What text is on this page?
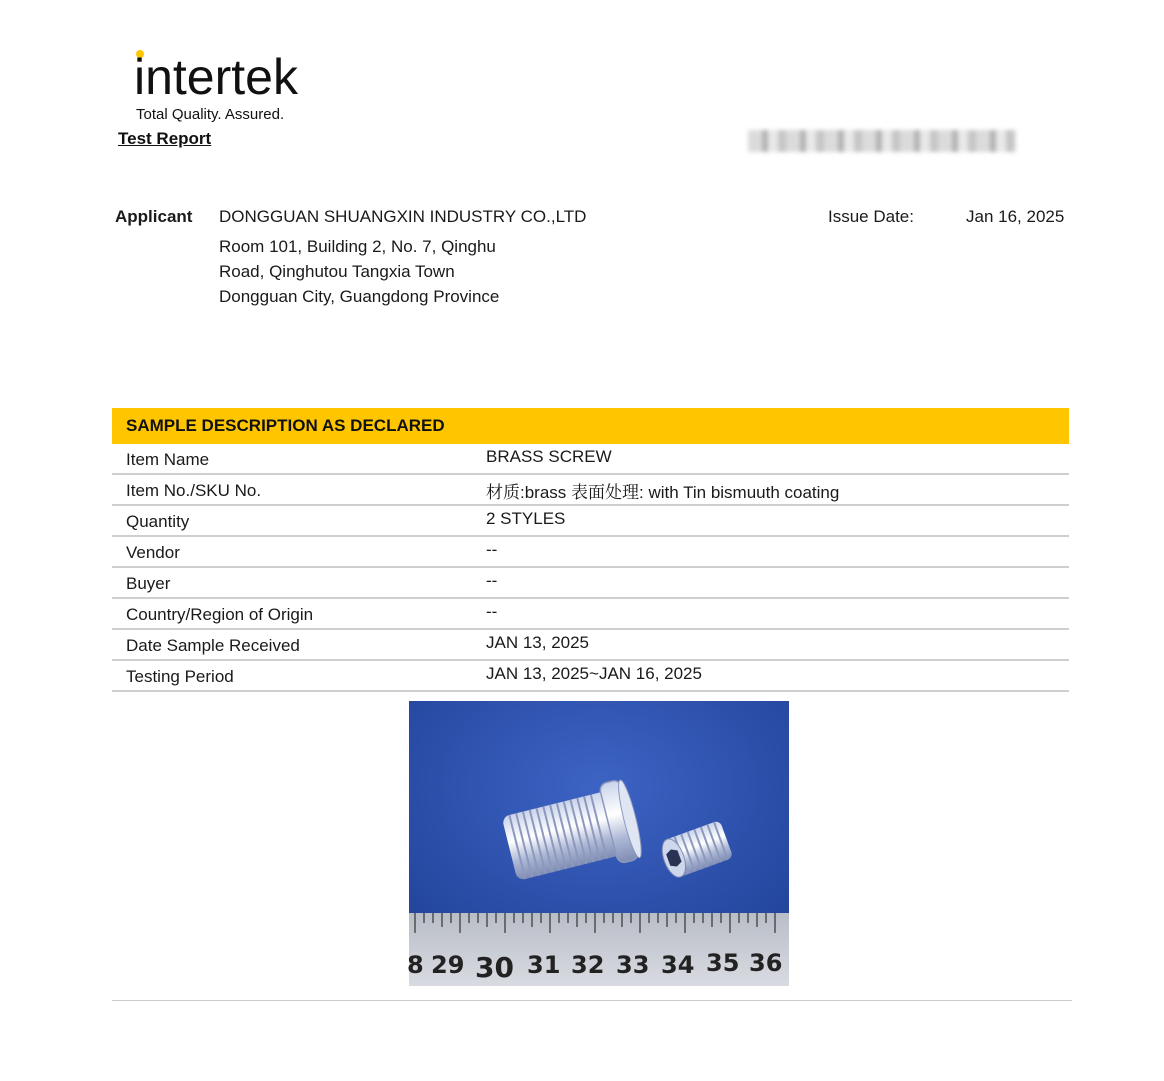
intertek
Total Quality. Assured.
Test Report
Applicant DONGGUAN SHUANGXIN INDUSTRY CO.,LTD
Room 101, Building 2, No. 7, Qinghu
Road, Qinghutou Tangxia Town
Dongguan City, Guangdong Province
Issue Date:	Jan 16, 2025
SAMPLE DESCRIPTION AS DECLARED
Item Name	BRASS SCREW
Item No./SKU No.	材质:brass 表面处理: with Tin bismuuth coating
Quantity	2 STYLES
Vendor	--
Buyer	--
Country/Region of Origin	--
Date Sample Received	JAN 13, 2025
Testing Period	JAN 13, 2025~JAN 16, 2025
8 29 30 31 32 33 34 35 36
